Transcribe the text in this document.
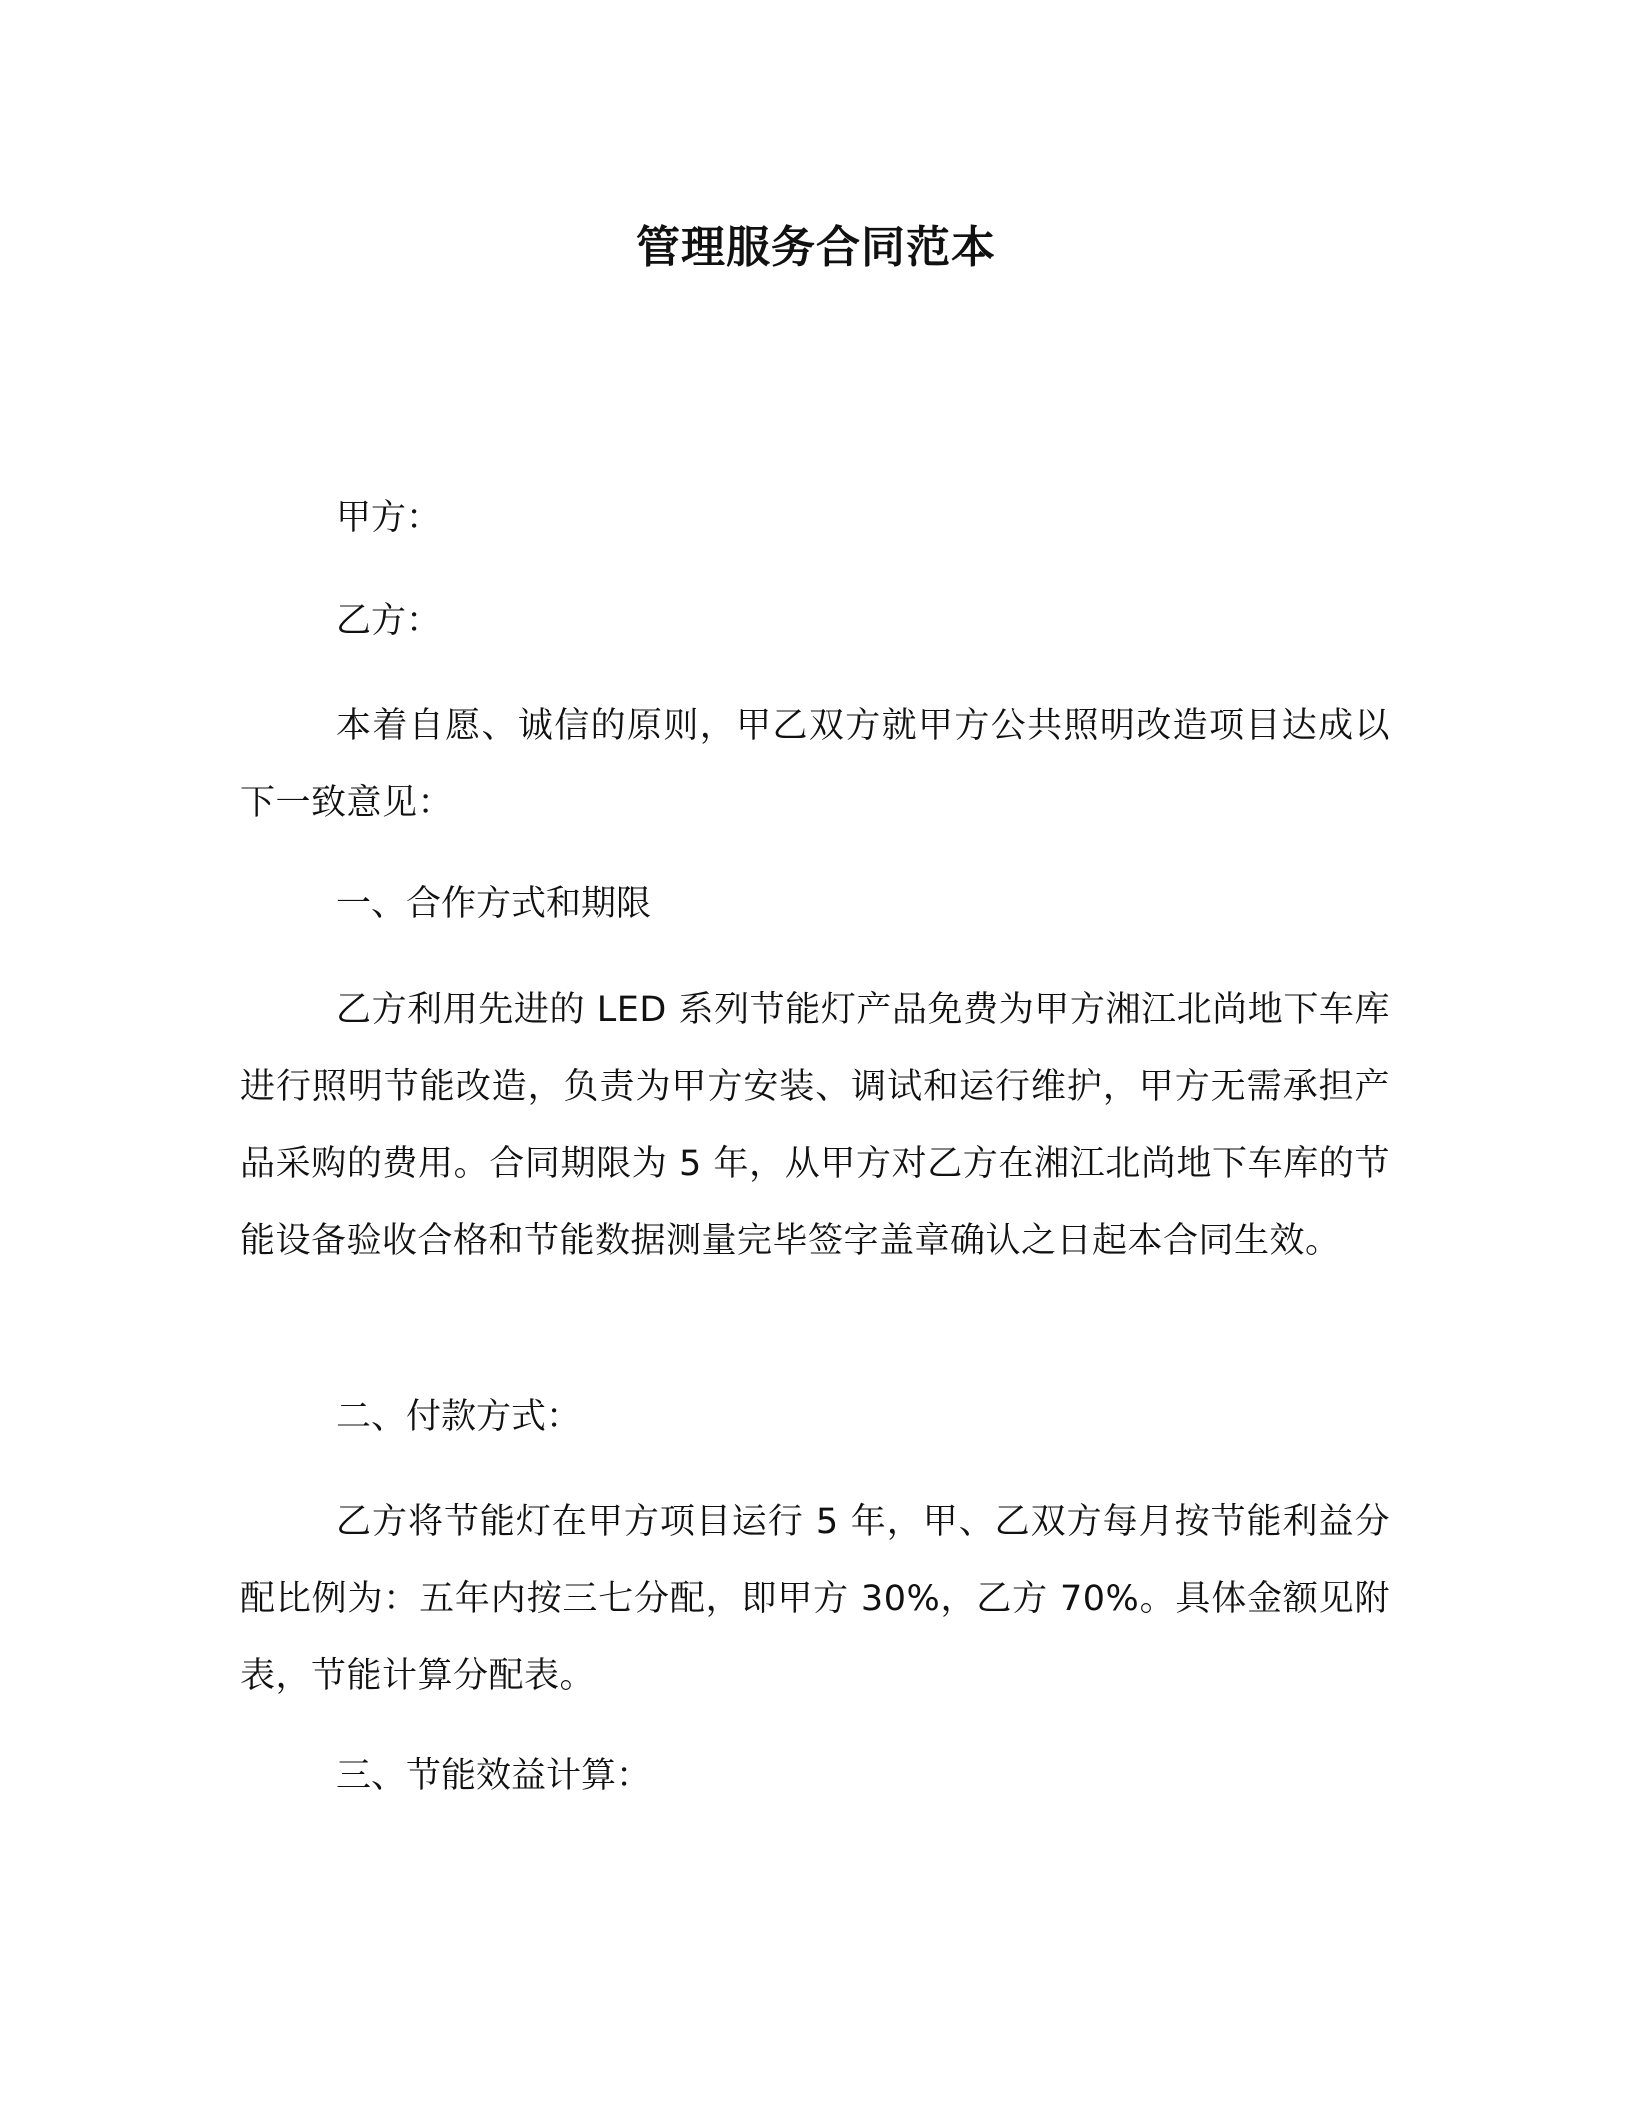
管理服务合同范本

甲方：

乙方：

本着自愿、诚信的原则，甲乙双方就甲方公共照明改造项目达成以下一致意见：

一、合作方式和期限

乙方利用先进的 LED 系列节能灯产品免费为甲方湘江北尚地下车库进行照明节能改造，负责为甲方安装、调试和运行维护，甲方无需承担产品采购的费用。合同期限为 5 年，从甲方对乙方在湘江北尚地下车库的节能设备验收合格和节能数据测量完毕签字盖章确认之日起本合同生效。

二、付款方式：

乙方将节能灯在甲方项目运行 5 年，甲、乙双方每月按节能利益分配比例为：五年内按三七分配，即甲方 30%，乙方 70%。具体金额见附表，节能计算分配表。

三、节能效益计算：
